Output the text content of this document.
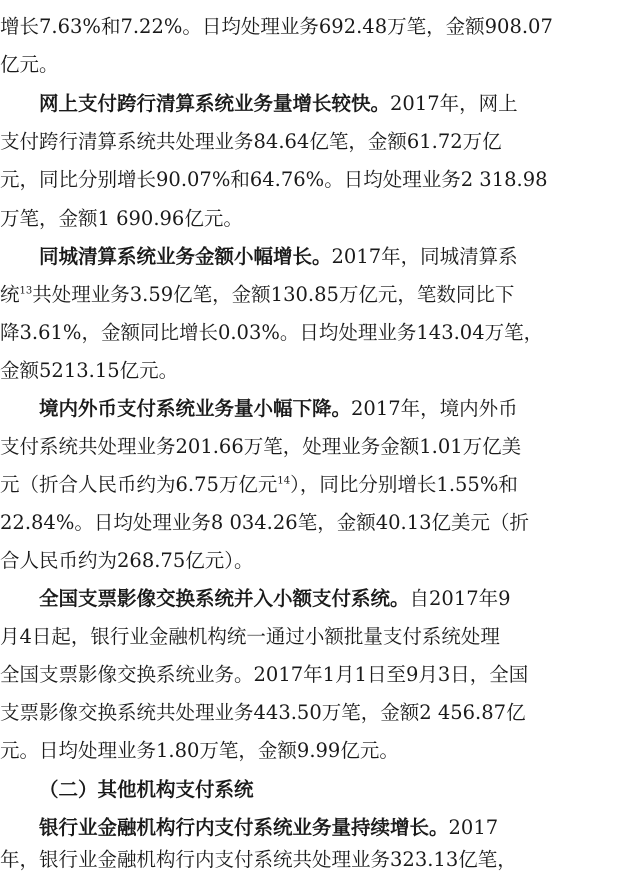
增长7.63%和7.22%。日均处理业务692.48万笔，金额908.07
亿元。
网上支付跨行清算系统业务量增长较快。2017年，网上
支付跨行清算系统共处理业务84.64亿笔，金额61.72万亿
元，同比分别增长90.07%和64.76%。日均处理业务2 318.98
万笔，金额1 690.96亿元。
同城清算系统业务金额小幅增长。2017年，同城清算系
统$^{13}$共处理业务3.59亿笔，金额130.85万亿元，笔数同比下
降3.61%，金额同比增长0.03%。日均处理业务143.04万笔，
金额5213.15亿元。
境内外币支付系统业务量小幅下降。2017年，境内外币
支付系统共处理业务201.66万笔，处理业务金额1.01万亿美
元（折合人民币约为6.75万亿元$^{14}$），同比分别增长1.55%和
22.84%。日均处理业务8 034.26笔，金额40.13亿美元（折
合人民币约为268.75亿元）。
全国支票影像交换系统并入小额支付系统。自2017年9
月4日起，银行业金融机构统一通过小额批量支付系统处理
全国支票影像交换系统业务。2017年1月1日至9月3日，全国
支票影像交换系统共处理业务443.50万笔，金额2 456.87亿
元。日均处理业务1.80万笔，金额9.99亿元。
（二）其他机构支付系统
银行业金融机构行内支付系统业务量持续增长。2017
年，银行业金融机构行内支付系统共处理业务323.13亿笔，
